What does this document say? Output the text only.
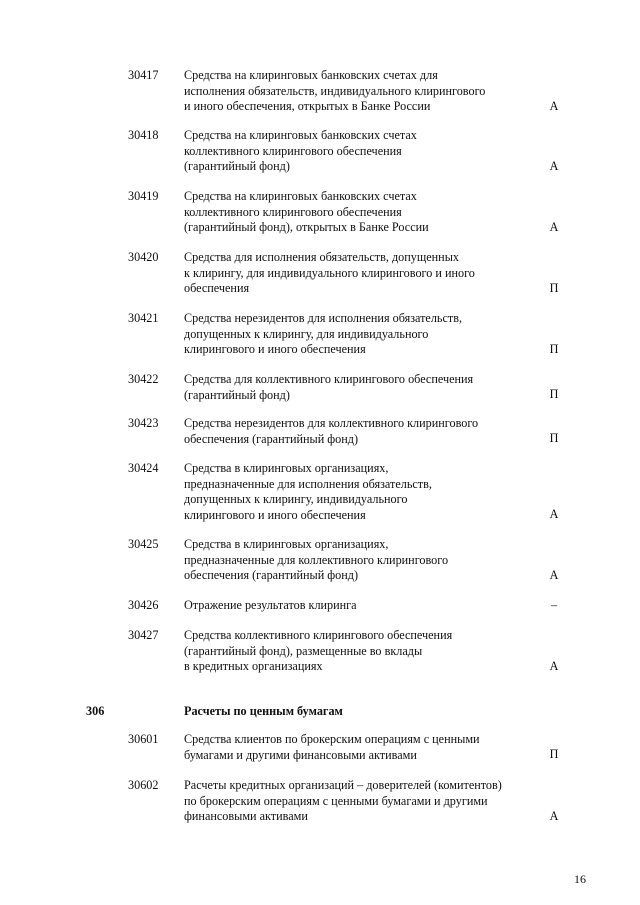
30417 Средства на клиринговых банковских счетах для
исполнения обязательств, индивидуального клирингового
и иного обеспечения, открытых в Банке России	А
30418 Средства на клиринговых банковских счетах
коллективного клирингового обеспечения
(гарантийный фонд)	А
30419 Средства на клиринговых банковских счетах
коллективного клирингового обеспечения
(гарантийный фонд), открытых в Банке России	А
30420 Средства для исполнения обязательств, допущенных
к клирингу, для индивидуального клирингового и иного
обеспечения	П
30421 Средства нерезидентов для исполнения обязательств,
допущенных к клирингу, для индивидуального
клирингового и иного обеспечения	П
30422 Средства для коллективного клирингового обеспечения
(гарантийный фонд)	П
30423 Средства нерезидентов для коллективного клирингового
обеспечения (гарантийный фонд)	П
30424 Средства в клиринговых организациях,
предназначенные для исполнения обязательств,
допущенных к клирингу, индивидуального
клирингового и иного обеспечения	А
30425 Средства в клиринговых организациях,
предназначенные для коллективного клирингового
обеспечения (гарантийный фонд)	А
30426 Отражение результатов клиринга	–
30427 Средства коллективного клирингового обеспечения
(гарантийный фонд), размещенные во вклады
в кредитных организациях	А
306	Расчеты по ценным бумагам
30601 Средства клиентов по брокерским операциям с ценными
бумагами и другими финансовыми активами	П
30602 Расчеты кредитных организаций – доверителей (комитентов)
по брокерским операциям с ценными бумагами и другими
финансовыми активами	А
16
